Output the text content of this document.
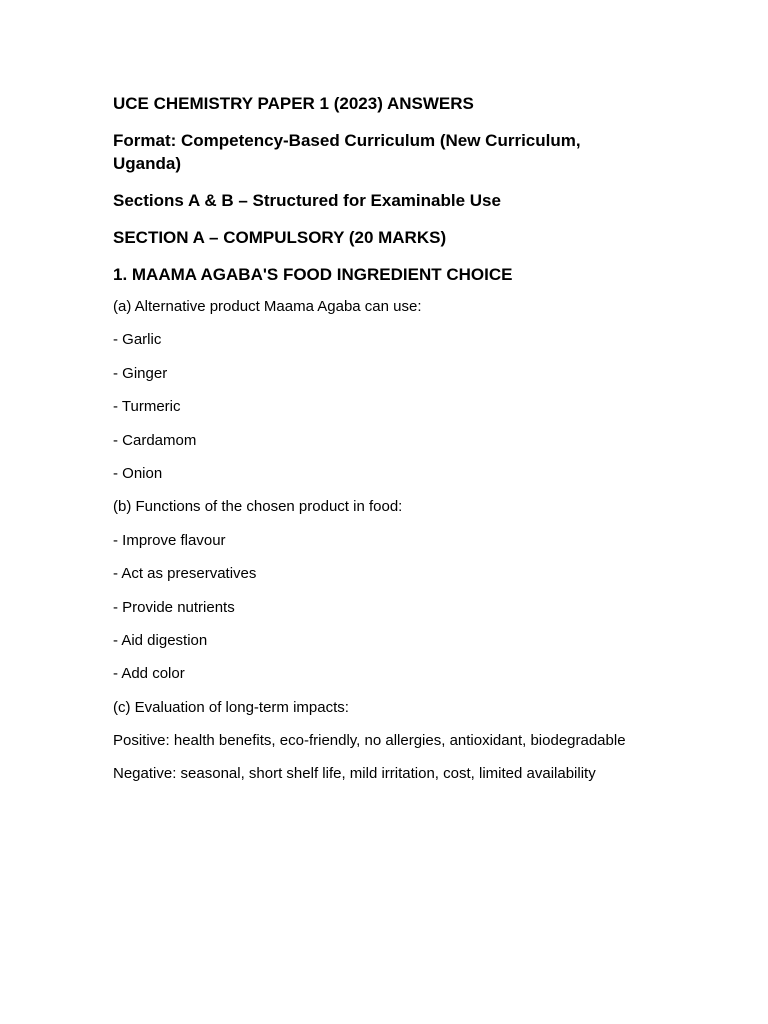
UCE CHEMISTRY PAPER 1 (2023) ANSWERS
Format: Competency-Based Curriculum (New Curriculum, Uganda)
Sections A & B – Structured for Examinable Use
SECTION A – COMPULSORY (20 MARKS)
1. MAAMA AGABA'S FOOD INGREDIENT CHOICE
(a) Alternative product Maama Agaba can use:
- Garlic
- Ginger
- Turmeric
- Cardamom
- Onion
(b) Functions of the chosen product in food:
- Improve flavour
- Act as preservatives
- Provide nutrients
- Aid digestion
- Add color
(c) Evaluation of long-term impacts:
Positive: health benefits, eco-friendly, no allergies, antioxidant, biodegradable
Negative: seasonal, short shelf life, mild irritation, cost, limited availability
